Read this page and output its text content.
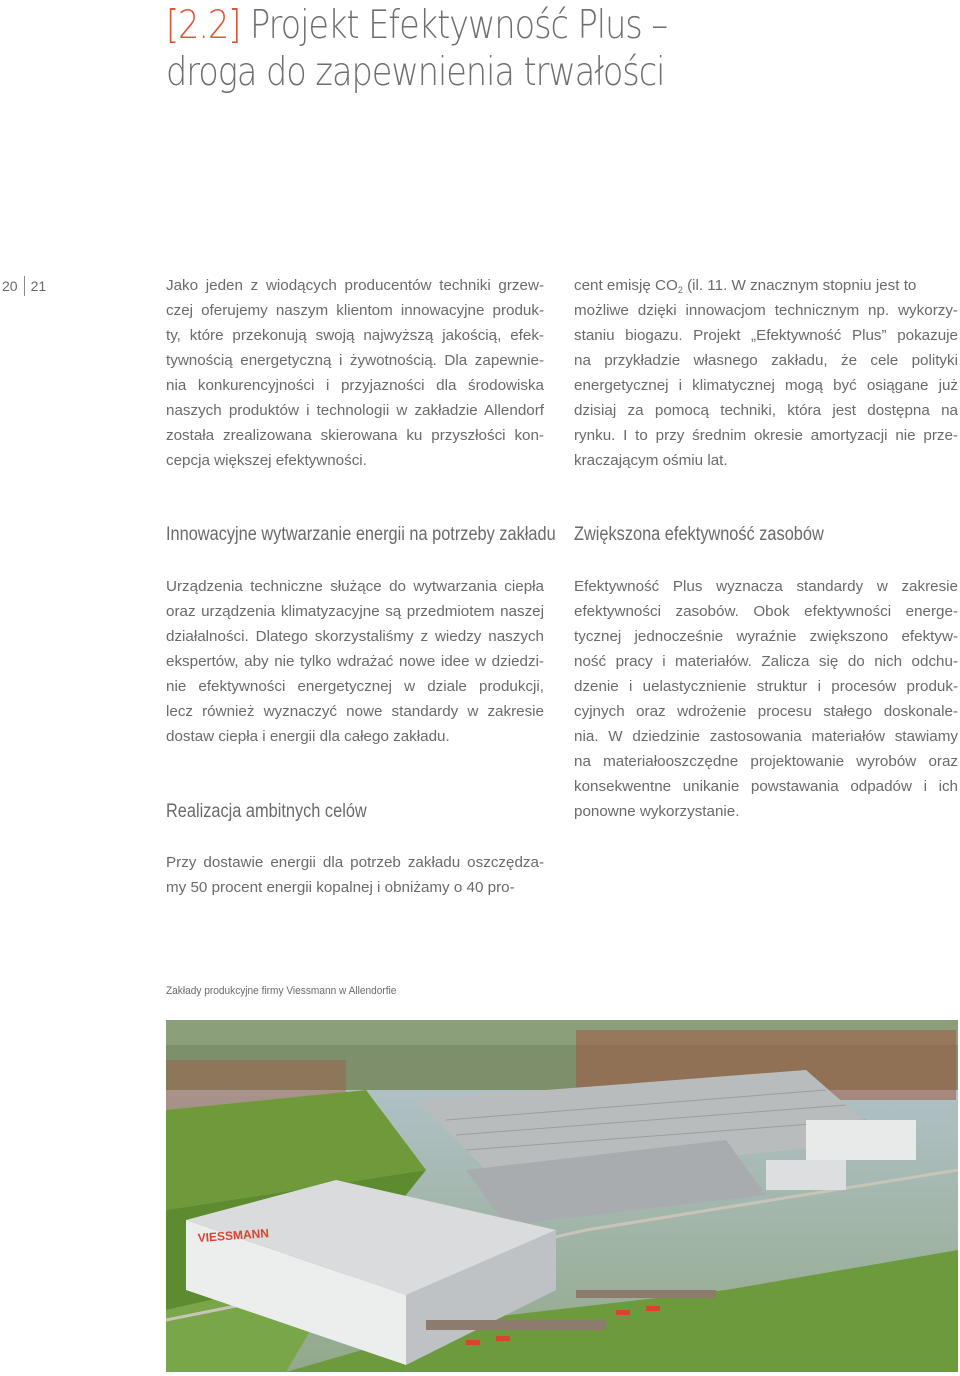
[2.2] Projekt Efektywność Plus –
droga do zapewnienia trwałości
20 21	Jako jeden z wiodących producentów techniki grzew-
czej oferujemy naszym klientom innowacyjne produk-
ty, które przekonują swoją najwyższą jakością, efek-
tywnością energetyczną i żywotnością. Dla zapewnie-
nia konkurencyjności i przyjazności dla środowiska
naszych produktów i technologii w zakładzie Allendorf
została zrealizowana skierowana ku przyszłości kon-
cepcja większej efektywności.

cent emisję $CO_2$ (il. 11. W znacznym stopniu jest to
możliwe dzięki innowacjom technicznym np. wykorzy-
staniu biogazu. Projekt „Efektywność Plus” pokazuje
na przykładzie własnego zakładu, że cele polityki
energetycznej i klimatycznej mogą być osiągane już
dzisiaj za pomocą techniki, która jest dostępna na
rynku. I to przy średnim okresie amortyzacji nie prze-
kraczającym ośmiu lat.

Innowacyjne wytwarzanie energii na potrzeby zakładu

Urządzenia techniczne służące do wytwarzania ciepła
oraz urządzenia klimatyzacyjne są przedmiotem naszej
działalności. Dlatego skorzystaliśmy z wiedzy naszych
ekspertów, aby nie tylko wdrażać nowe idee w dziedzi-
nie efektywności energetycznej w dziale produkcji,
lecz również wyznaczyć nowe standardy w zakresie
dostaw ciepła i energii dla całego zakładu.

Zwiększona efektywność zasobów

Efektywność Plus wyznacza standardy w zakresie
efektywności zasobów. Obok efektywności energe-
tycznej jednocześnie wyraźnie zwiększono efektyw-
ność pracy i materiałów. Zalicza się do nich odchu-
dzenie i uelastycznienie struktur i procesów produk-
cyjnych oraz wdrożenie procesu stałego doskonale-
nia. W dziedzinie zastosowania materiałów stawiamy
na materiałooszczędne projektowanie wyrobów oraz
konsekwentne unikanie powstawania odpadów i ich
ponowne wykorzystanie.

Realizacja ambitnych celów

Przy dostawie energii dla potrzeb zakładu oszczędza-
my 50 procent energii kopalnej i obniżamy o 40 pro-

Zakłady produkcyjne firmy Viessmann w Allendorfie
VIESSMANN
